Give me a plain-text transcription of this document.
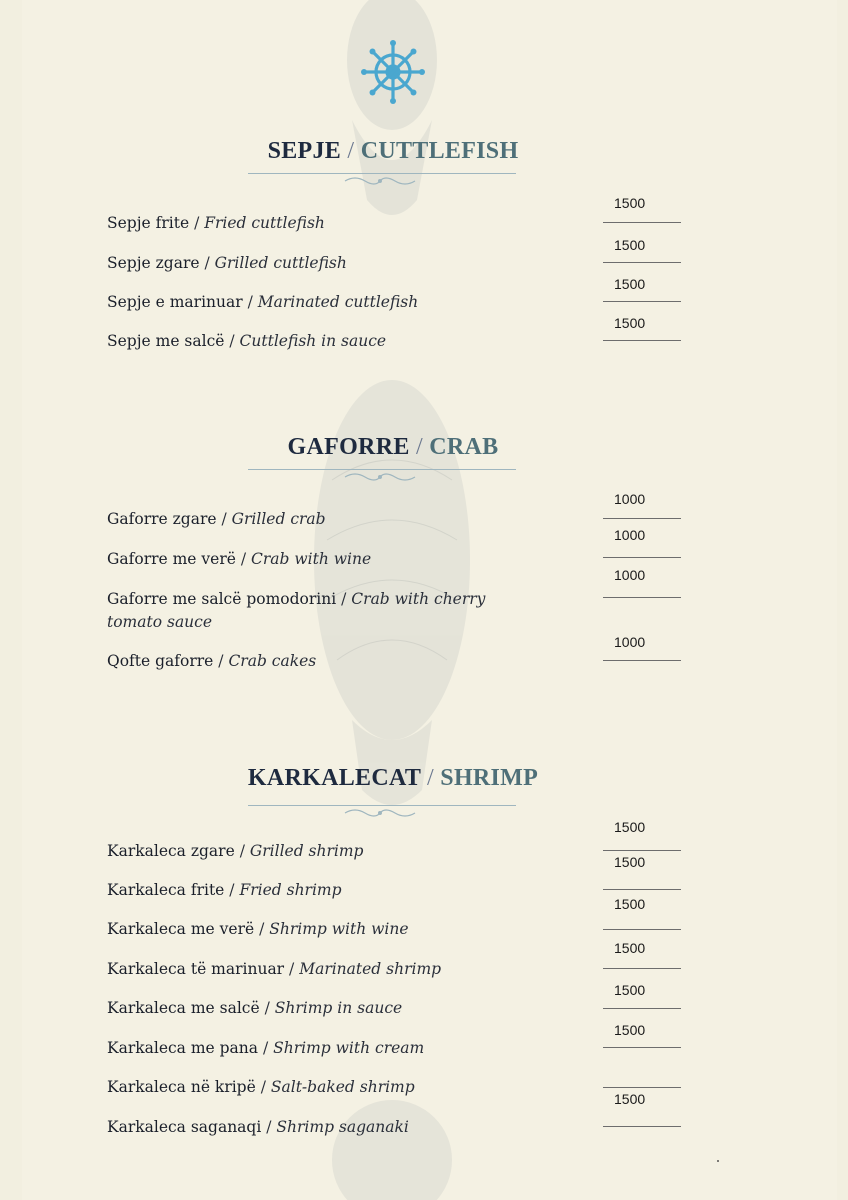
SEPJE / CUTTLEFISH
1500
Sepje frite / Fried cuttlefish
1500
Sepje zgare / Grilled cuttlefish
1500
Sepje e marinuar / Marinated cuttlefish
1500
Sepje me salcë / Cuttlefish in sauce
GAFORRE / CRAB
1000
Gaforre zgare / Grilled crab
1000
Gaforre me verë / Crab with wine
1000
Gaforre me salcë pomodorini / Crab with cherry tomato sauce
1000
Qofte gaforre / Crab cakes
KARKALECAT / SHRIMP
1500
Karkaleca zgare / Grilled shrimp
1500
Karkaleca frite / Fried shrimp
1500
Karkaleca me verë / Shrimp with wine
1500
Karkaleca të marinuar / Marinated shrimp
1500
Karkaleca me salcë / Shrimp in sauce
1500
Karkaleca me pana / Shrimp with cream
Karkaleca në kripë / Salt-baked shrimp
1500
Karkaleca saganaqi / Shrimp saganaki
